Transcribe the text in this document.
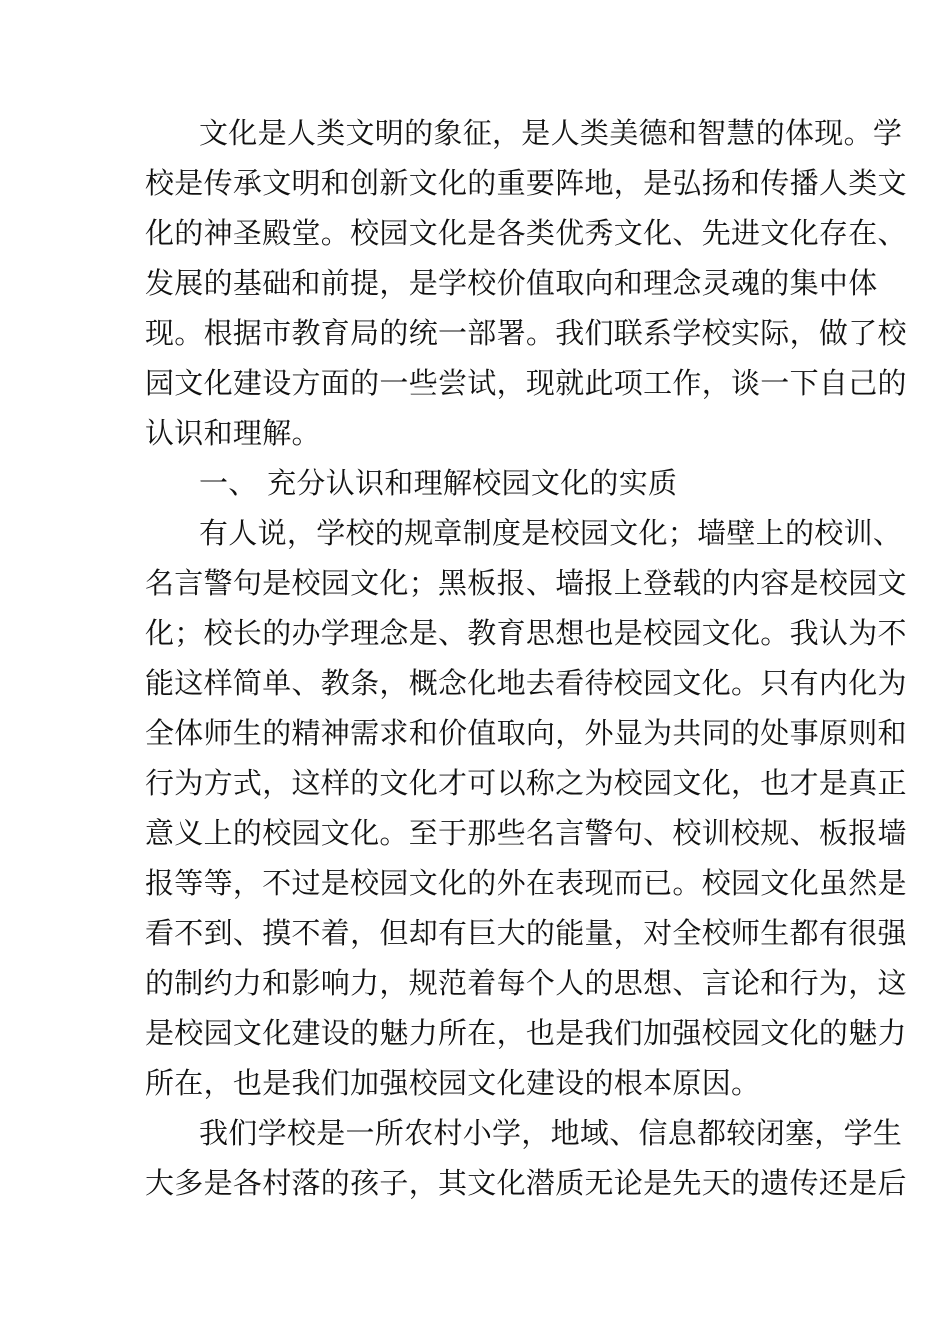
文化是人类文明的象征，是人类美德和智慧的体现。学
校是传承文明和创新文化的重要阵地，是弘扬和传播人类文
化的神圣殿堂。校园文化是各类优秀文化、先进文化存在、
发展的基础和前提，是学校价值取向和理念灵魂的集中体
现。根据市教育局的统一部署。我们联系学校实际，做了校
园文化建设方面的一些尝试，现就此项工作，谈一下自己的
认识和理解。
一、 充分认识和理解校园文化的实质
有人说，学校的规章制度是校园文化；墙壁上的校训、
名言警句是校园文化；黑板报、墙报上登载的内容是校园文
化；校长的办学理念是、教育思想也是校园文化。我认为不
能这样简单、教条，概念化地去看待校园文化。只有内化为
全体师生的精神需求和价值取向，外显为共同的处事原则和
行为方式，这样的文化才可以称之为校园文化，也才是真正
意义上的校园文化。至于那些名言警句、校训校规、板报墙
报等等，不过是校园文化的外在表现而已。校园文化虽然是
看不到、摸不着，但却有巨大的能量，对全校师生都有很强
的制约力和影响力，规范着每个人的思想、言论和行为，这
是校园文化建设的魅力所在，也是我们加强校园文化的魅力
所在，也是我们加强校园文化建设的根本原因。
我们学校是一所农村小学，地域、信息都较闭塞，学生
大多是各村落的孩子，其文化潜质无论是先天的遗传还是后
